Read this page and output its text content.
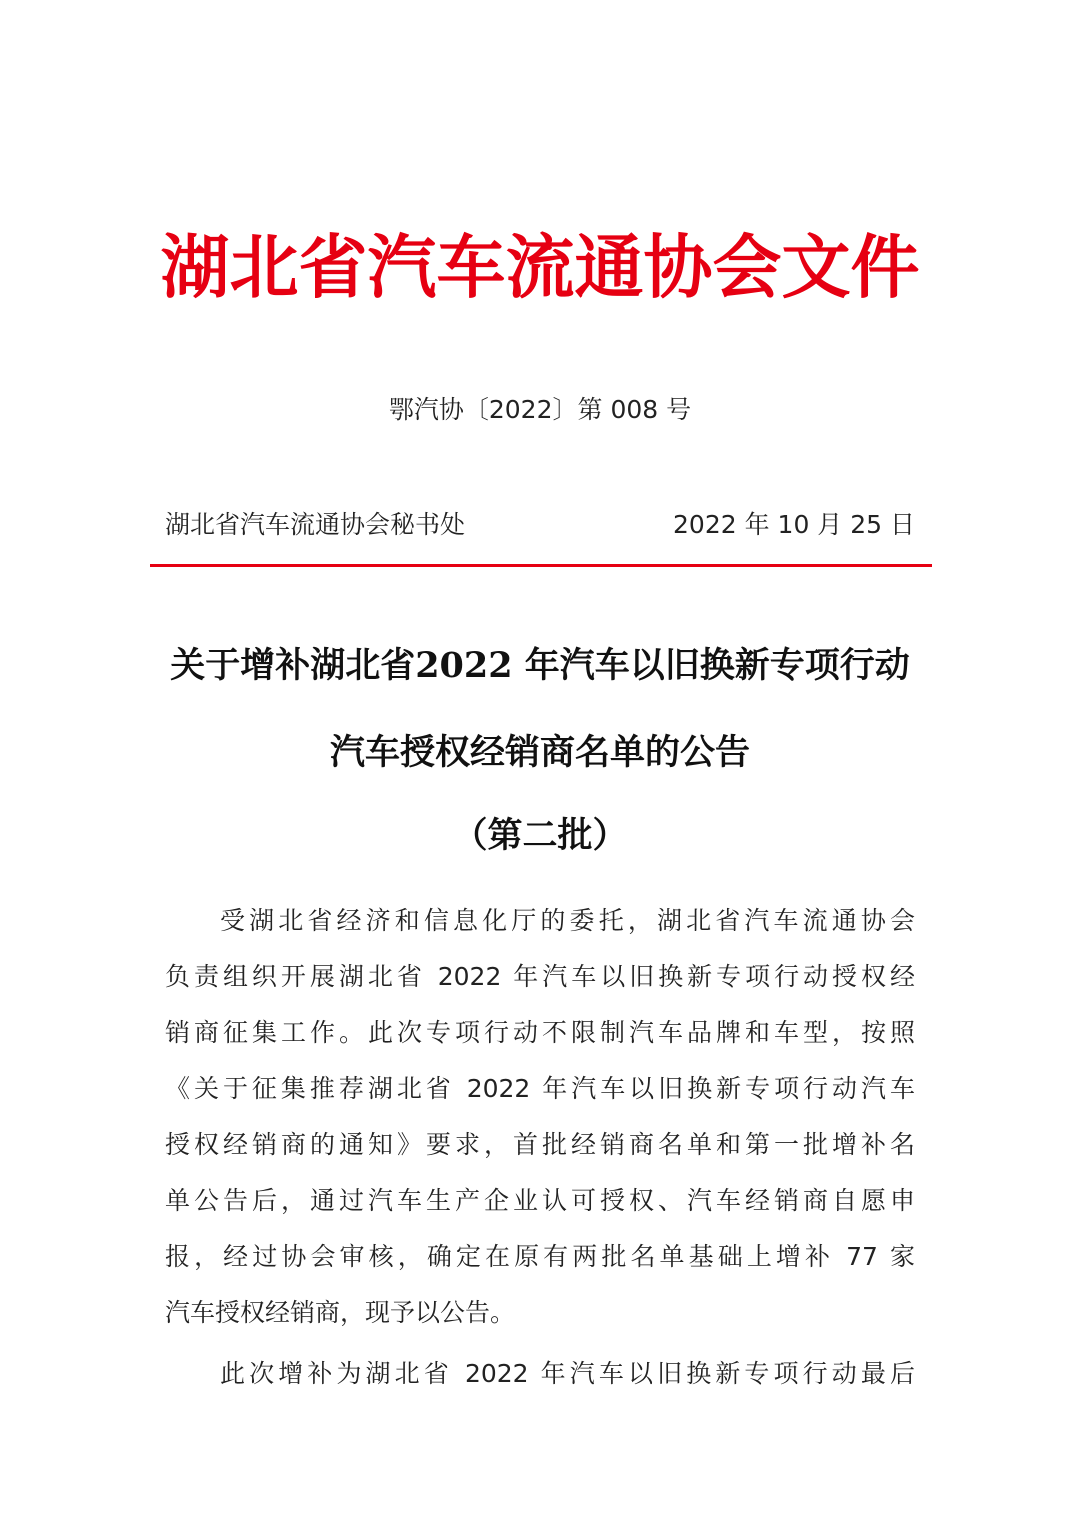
湖北省汽车流通协会文件
鄂汽协〔2022〕第 008 号
湖北省汽车流通协会秘书处	2022 年 10 月 25 日
关于增补湖北省2022 年汽车以旧换新专项行动
汽车授权经销商名单的公告
（第二批）
受湖北省经济和信息化厅的委托，湖北省汽车流通协会
负责组织开展湖北省 2022 年汽车以旧换新专项行动授权经
销商征集工作。此次专项行动不限制汽车品牌和车型，按照
《关于征集推荐湖北省 2022 年汽车以旧换新专项行动汽车
授权经销商的通知》要求，首批经销商名单和第一批增补名
单公告后，通过汽车生产企业认可授权、汽车经销商自愿申
报，经过协会审核，确定在原有两批名单基础上增补 77 家
汽车授权经销商，现予以公告。
此次增补为湖北省 2022 年汽车以旧换新专项行动最后
